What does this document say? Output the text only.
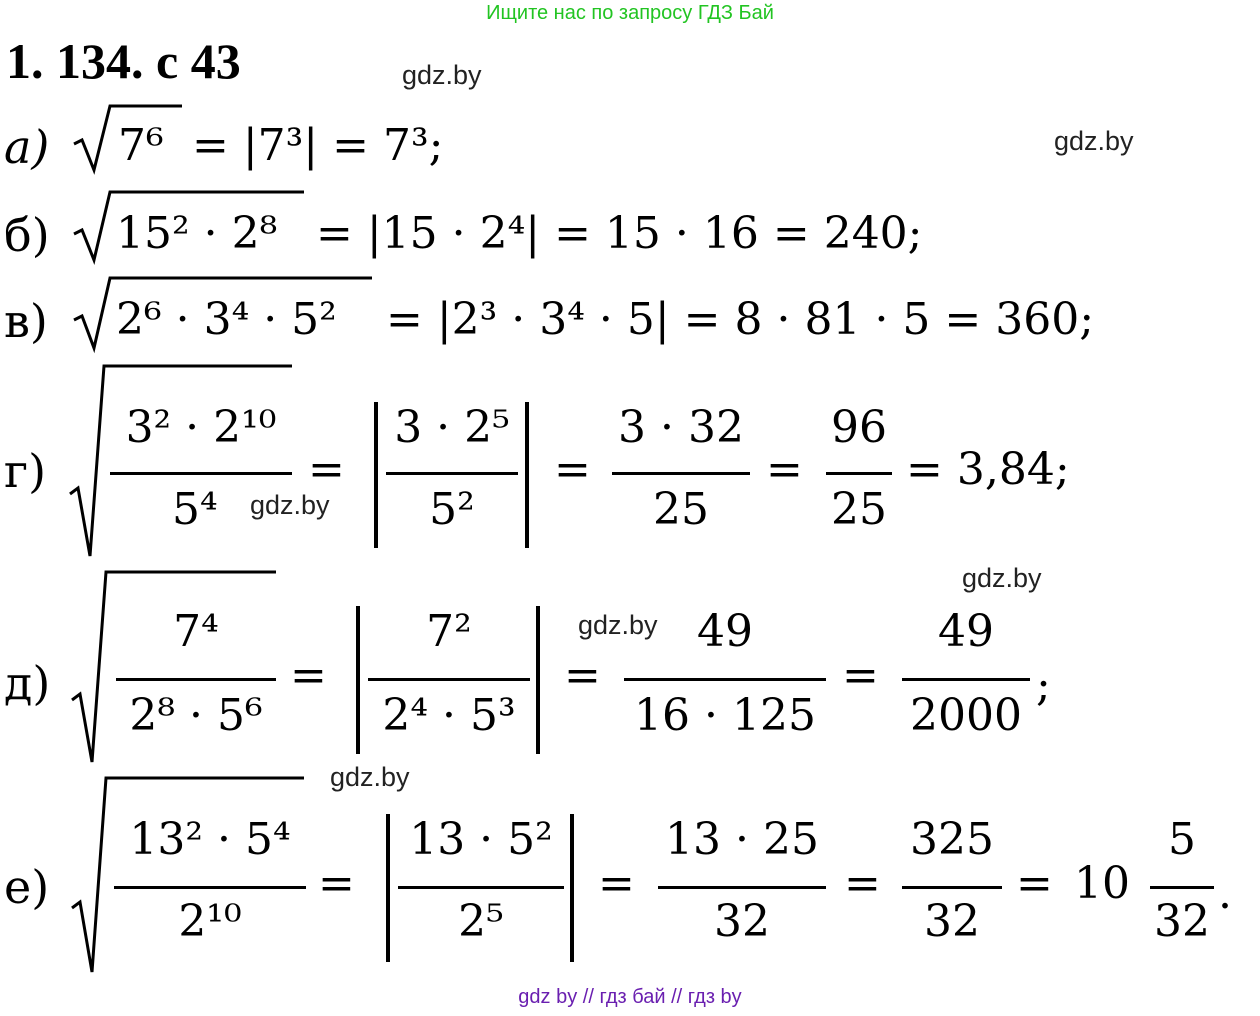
Ищите нас по запросу ГДЗ Бай
1. 134. с 43	gdz.by
gdz.by
gdz.by
gdz.by
gdz.by
gdz.by
а) 7⁶ = |7³| = 7³;
б) 15² · 2⁸ = |15 · 2⁴| = 15 · 16 = 240;
в) 2⁶ · 3⁴ · 5² = |2³ · 3⁴ · 5| = 8 · 81 · 5 = 360;
г)
3² · 2¹⁰
5⁴
=
3 · 2⁵
5²
=
3 · 32
25
=
96
25
= 3,84;
д)
7⁴
2⁸ · 5⁶
=
7²
2⁴ · 5³
=
49
16 · 125
=
49
2000
;
е)
13² · 5⁴
2¹⁰
=
13 · 5²
2⁵
=
13 · 25
32
=
325
32
= 10
5
32
.
gdz by // гдз бай // гдз by
